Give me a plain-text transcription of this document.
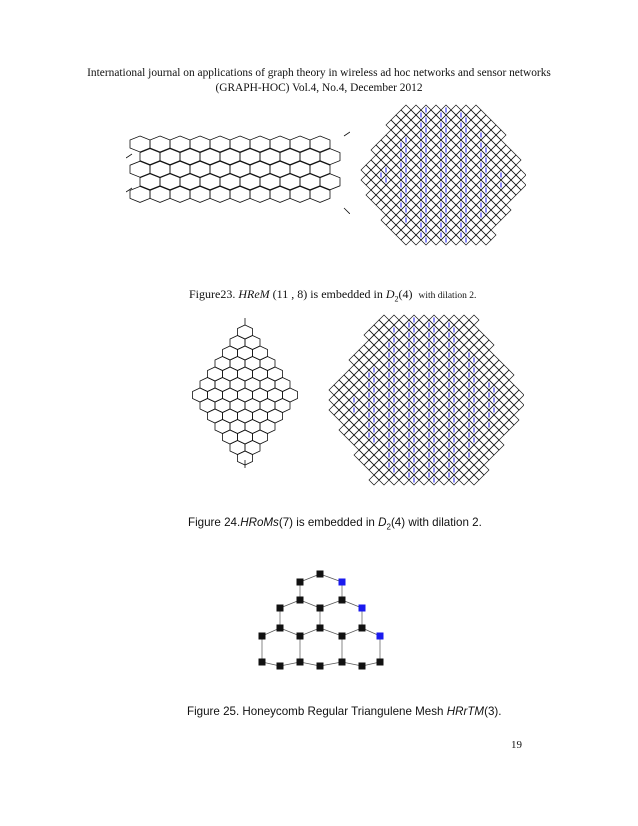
International journal on applications of graph theory in wireless ad hoc networks and sensor networks
(GRAPH-HOC) Vol.4, No.4, December 2012
Figure23. HReM (11 , 8) is embedded in $D_2(4)$ with dilation 2.
Figure 24.HRoMs(7) is embedded in $D_2(4)$ with dilation 2.
Figure 25. Honeycomb Regular Triangulene Mesh HRrTM(3).
19
